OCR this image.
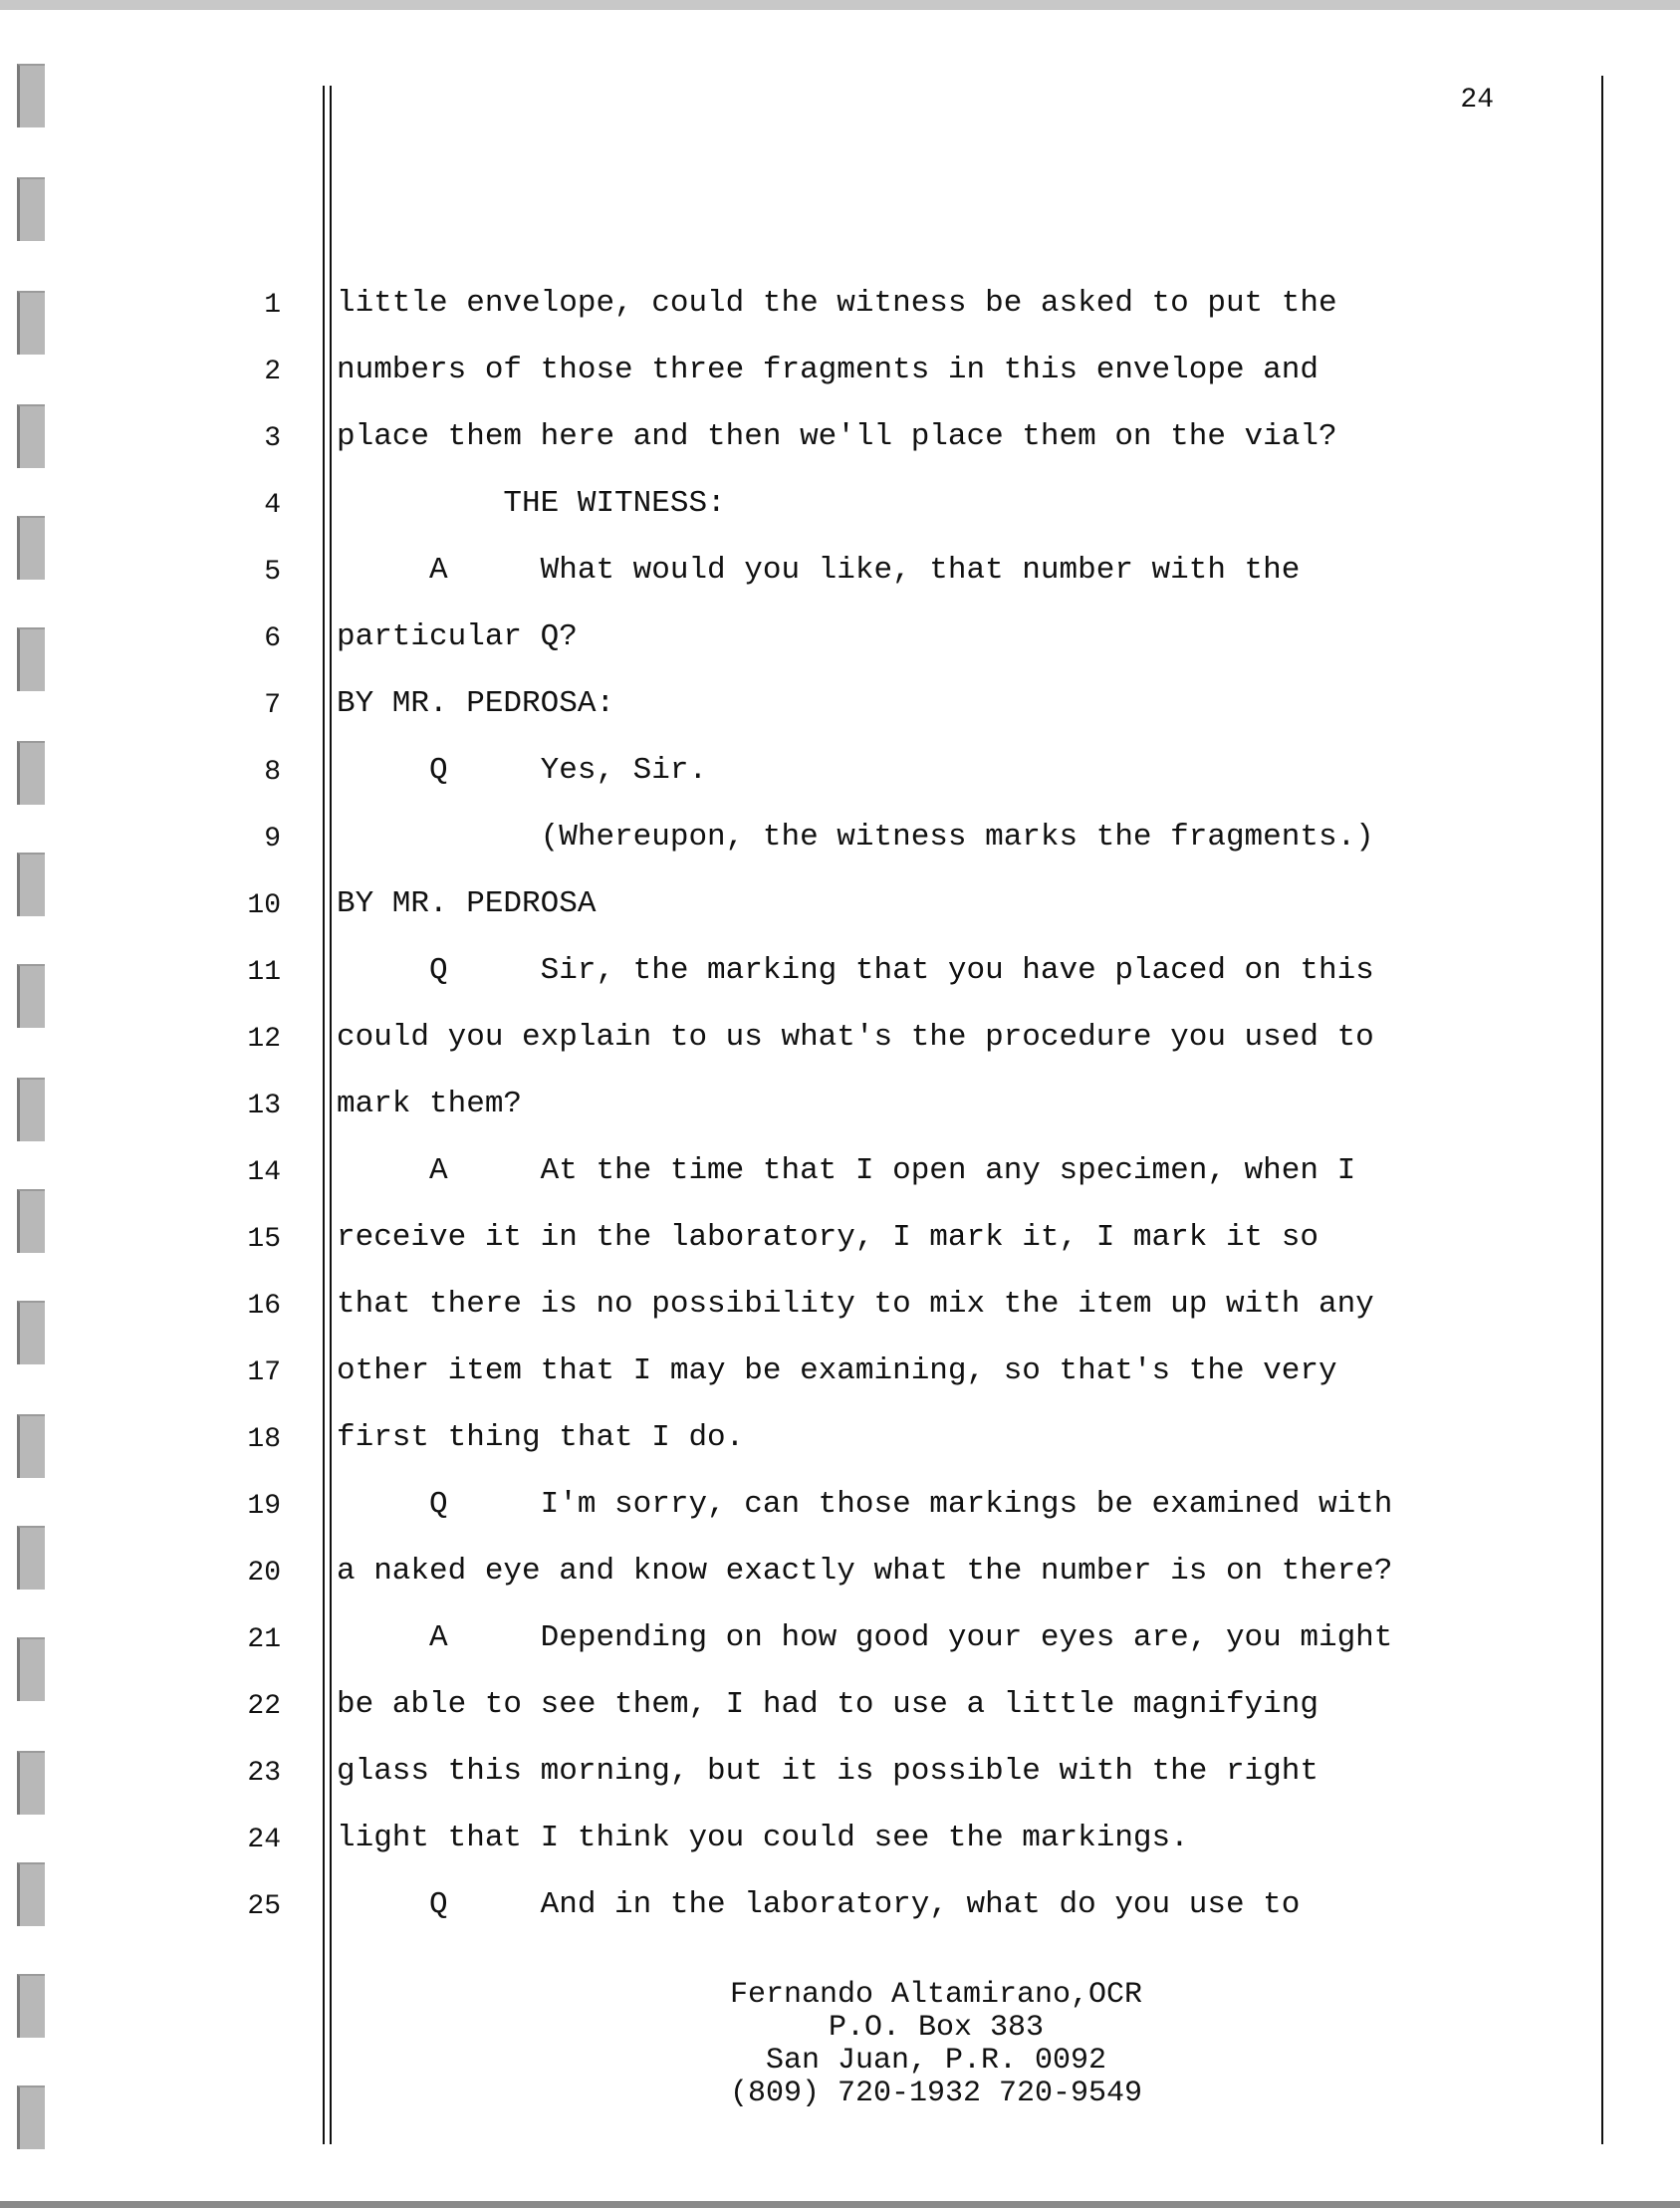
24
1 little envelope, could the witness be asked to put the
2 numbers of those three fragments in this envelope and
3 place them here and then we'll place them on the vial?
4 THE WITNESS:
5 A     What would you like, that number with the
6 particular Q?
7 BY MR. PEDROSA:
8 Q     Yes, Sir.
9 (Whereupon, the witness marks the fragments.)
10 BY MR. PEDROSA
11 Q     Sir, the marking that you have placed on this
12 could you explain to us what's the procedure you used to
13 mark them?
14 A     At the time that I open any specimen, when I
15 receive it in the laboratory, I mark it, I mark it so
16 that there is no possibility to mix the item up with any
17 other item that I may be examining, so that's the very
18 first thing that I do.
19 Q     I'm sorry, can those markings be examined with
20 a naked eye and know exactly what the number is on there?
21 A     Depending on how good your eyes are, you might
22 be able to see them, I had to use a little magnifying
23 glass this morning, but it is possible with the right
24 light that I think you could see the markings.
25 Q     And in the laboratory, what do you use to
Fernando Altamirano,OCR
P.O. Box 383
San Juan, P.R. 0092
(809) 720-1932 720-9549
